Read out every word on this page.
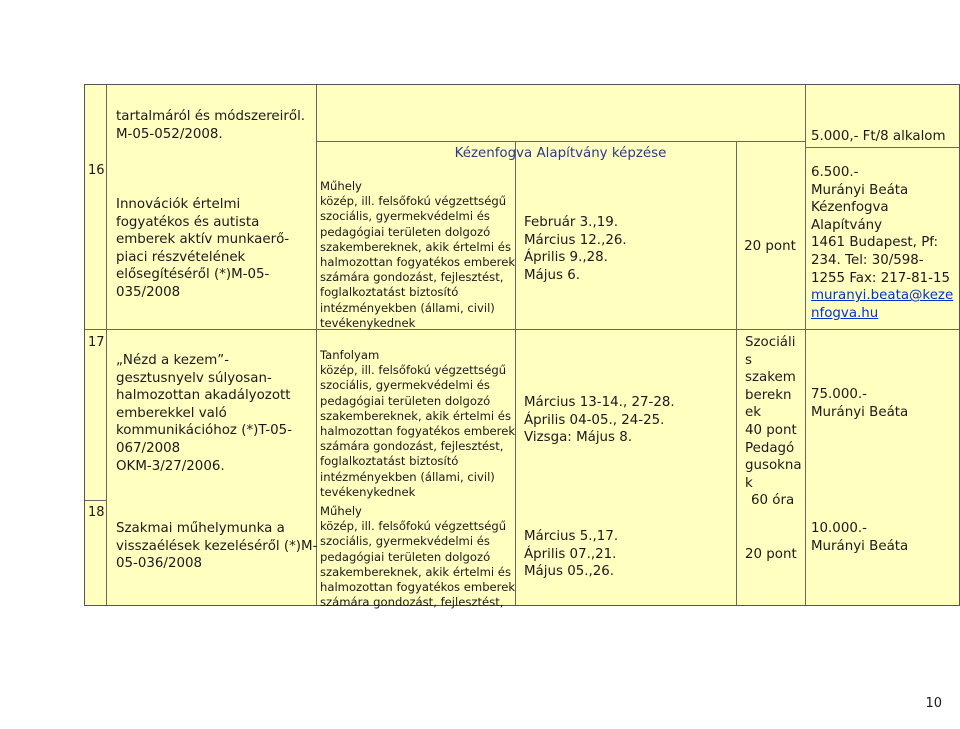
tartalmáról és módszereiről.
M-05-052/2008.	5.000,- Ft/8 alkalom
16
Innovációk értelmi
fogyatékos és autista
emberek aktív munkaerő-
piaci részvételének
elősegítéséről (*)M-05-
035/2008
Kézenfogva Alapítvány képzése
Műhely
közép, ill. felsőfokú végzettségű
szociális, gyermekvédelmi és
pedagógiai területen dolgozó
szakembereknek, akik értelmi és
halmozottan fogyatékos emberek
számára gondozást, fejlesztést,
foglalkoztatást biztosító
intézményekben (állami, civil)
tevékenykednek
Február 3.,19.
Március 12.,26.
Április 9.,28.
Május 6.
20 pont
6.500.-
Murányi Beáta
Kézenfogva
Alapítvány
1461 Budapest, Pf:
234. Tel: 30/598-
1255 Fax: 217-81-15
muranyi.beata@keze
nfogva.hu
17
„Nézd a kezem”-
gesztusnyelv súlyosan-
halmozottan akadályozott
emberekkel való
kommunikációhoz (*)T-05-
067/2008
OKM-3/27/2006.
Tanfolyam
közép, ill. felsőfokú végzettségű
szociális, gyermekvédelmi és
pedagógiai területen dolgozó
szakembereknek, akik értelmi és
halmozottan fogyatékos emberek
számára gondozást, fejlesztést,
foglalkoztatást biztosító
intézményekben (állami, civil)
tevékenykednek
Március 13-14., 27-28.
Április 04-05., 24-25.
Vizsga: Május 8.
Szociáli
s
szakem
berekn
ek
40 pont
Pedagó
gusokna
k
60 óra
75.000.-
Murányi Beáta
18
Szakmai műhelymunka a
visszaélések kezeléséről (*)M-
05-036/2008
Műhely
közép, ill. felsőfokú végzettségű
szociális, gyermekvédelmi és
pedagógiai területen dolgozó
szakembereknek, akik értelmi és
halmozottan fogyatékos emberek
számára gondozást, fejlesztést,
Március 5.,17.
Április 07.,21.
Május 05.,26.
20 pont
10.000.-
Murányi Beáta
10
